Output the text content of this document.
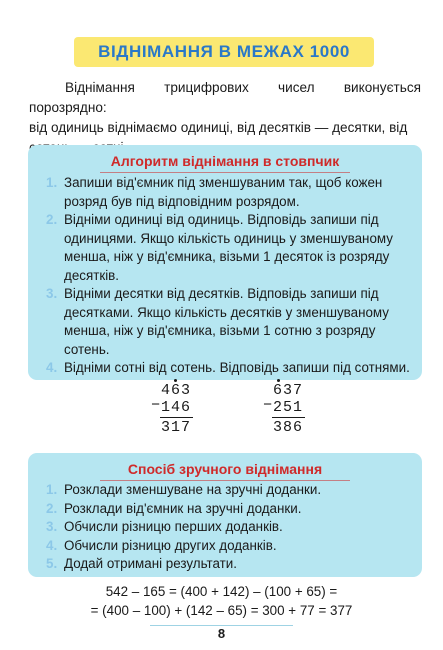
ВІДНІМАННЯ В МЕЖАХ 1000
Віднімання трицифрових чисел виконується порозрядно:
від одиниць віднімаємо одиниці, від десятків — десятки, від
Алгоритм віднімання в стовпчик
1. Запиши від'ємник під зменшуваним так, щоб кожен
розряд був під відповідним розрядом.
2. Відніми одиниці від одиниць. Відповідь запиши під
одиницями. Якщо кількість одиниць у зменшуваному
менша, ніж у від'ємника, візьми 1 десяток із розряду
десятків.
3. Відніми десятки від десятків. Відповідь запиши під
десятками. Якщо кількість десятків у зменшуваному
менша, ніж у від'ємника, візьми 1 сотню з розряду
сотень.
4. Відніми сотні від сотень. Відповідь запиши під сотнями.
−
463
146
317
−
637
251
386
Спосіб зручного віднімання
1. Розклади зменшуване на зручні доданки.
2. Розклади від'ємник на зручні доданки.
3. Обчисли різницю перших доданків.
4. Обчисли різницю других доданків.
5. Додай отримані результати.
542 – 165 = (400 + 142) – (100 + 65) =
= (400 – 100) + (142 – 65) = 300 + 77 = 377
8
